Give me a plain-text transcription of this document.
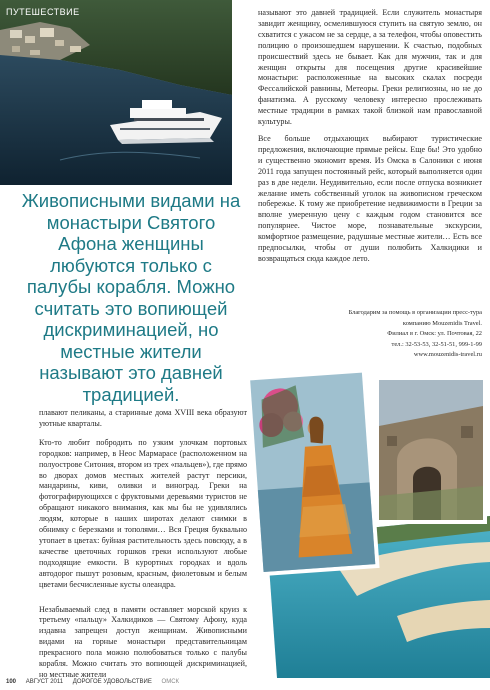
ПУТЕШЕСТВИЕ	называют это давней традицией. Если служитель монастыря завидит женщину, осмелившуюся ступить на святую землю, он схватится с ужасом не за сердце, а за телефон, чтобы оповестить полицию о произошедшем нарушении. К счастью, подобных происшествий здесь не бывает. Как для мужчин, так и для женщин открыты для посещения другие красивейшие монастыри: расположенные на высоких скалах посреди Фессалийской равнины, Метеоры. Греки религиозны, но не до фанатизма. А русскому человеку интересно прослеживать местные традиции в рамках такой близкой нам православной культуры.

Все больше отдыхающих выбирают туристические предложения, включающие прямые рейсы. Еще бы! Это удобно и существенно экономит время. Из Омска в Салоники с июня 2011 года запущен постоянный рейс, который выполняется один раз в две недели. Неудивительно, если после отпуска возникнет желание иметь собственный уголок на живописном греческом побережье. К тому же приобретение недвижимости в Греции за вполне умеренную цену с каждым годом становится все популярнее. Чистое море, познавательные экскурсии, комфортное размещение, радушные местные жители… Есть все предпосылки, чтобы от души полюбить Халкидики и возвращаться сюда каждое лето.

Живописными видами на монастыри Святого Афона женщины любуются только с палубы корабля. Можно считать это вопиющей дискриминацией, но местные жители называют это давней традицией.
Благодарим за помощь в организации пресс-тура
компанию Mouzenidis Travel.
Филиал в г. Омск: ул. Почтовая, 22
тел.: 32-53-53, 32-51-51, 999-1-99
www.mouzenidis-travel.ru

плавают пеликаны, а старинные дома XVIII века образуют уютные кварталы.

Кто-то любит побродить по узким улочкам портовых городков: например, в Неос Мармарасе (расположенном на полуострове Ситония, втором из трех «пальцев»), где прямо во дворах домов местных жителей растут персики, мандарины, киви, оливки и виноград. Греки на фотографирующихся с фруктовыми деревьями туристов не обращают никакого внимания, как мы бы не удивлялись людям, которые в наших широтах делают снимки в обнимку с березками и тополями… Вся Греция буквально утопает в цветах: буйная растительность здесь повсюду, а в качестве цветочных горшков греки используют любые подходящие емкости. В курортных городках и вдоль автодорог пышут розовым, красным, фиолетовым и белым цветами бесчисленные кусты олеандра.

Незабываемый след в памяти оставляет морской круиз к третьему «пальцу» Халкидиков — Святому Афону, куда издавна запрещен доступ женщинам. Живописными видами на горные монастыри представительницам прекрасного пола можно полюбоваться только с палубы корабля. Можно считать это вопиющей дискриминацией, но местные жители

100 АВГУСТ 2011 ДОРОГОЕ УДОВОЛЬСТВИЕ ОМСК
